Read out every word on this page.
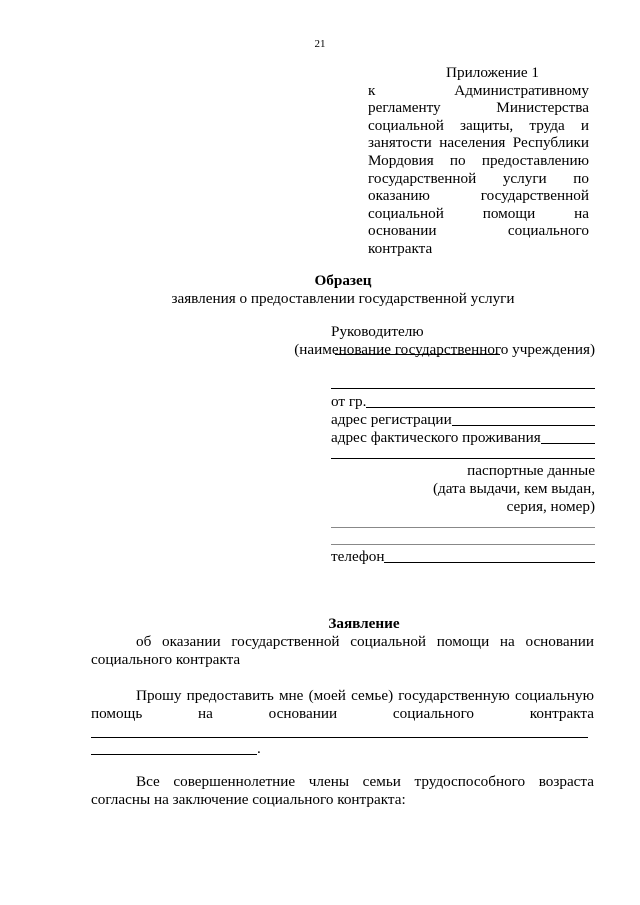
21
Приложение 1
к Административному
регламенту Министерства
социальной защиты, труда и
занятости населения Республики
Мордовия по предоставлению
государственной услуги по
оказанию государственной
социальной помощи на
основании социального
контракта
Образец
заявления о предоставлении государственной услуги
Руководителю
(наименование государственного учреждения)
от гр.
адрес регистрации
адрес фактического проживания
паспортные данные
(дата выдачи, кем выдан,
серия, номер)
телефон
Заявление
об оказании государственной социальной помощи на основании
социального контракта
Прошу предоставить мне (моей семье) государственную социальную
помощь на основании социального контракта
.
Все совершеннолетние члены семьи трудоспособного возраста
согласны на заключение социального контракта:
